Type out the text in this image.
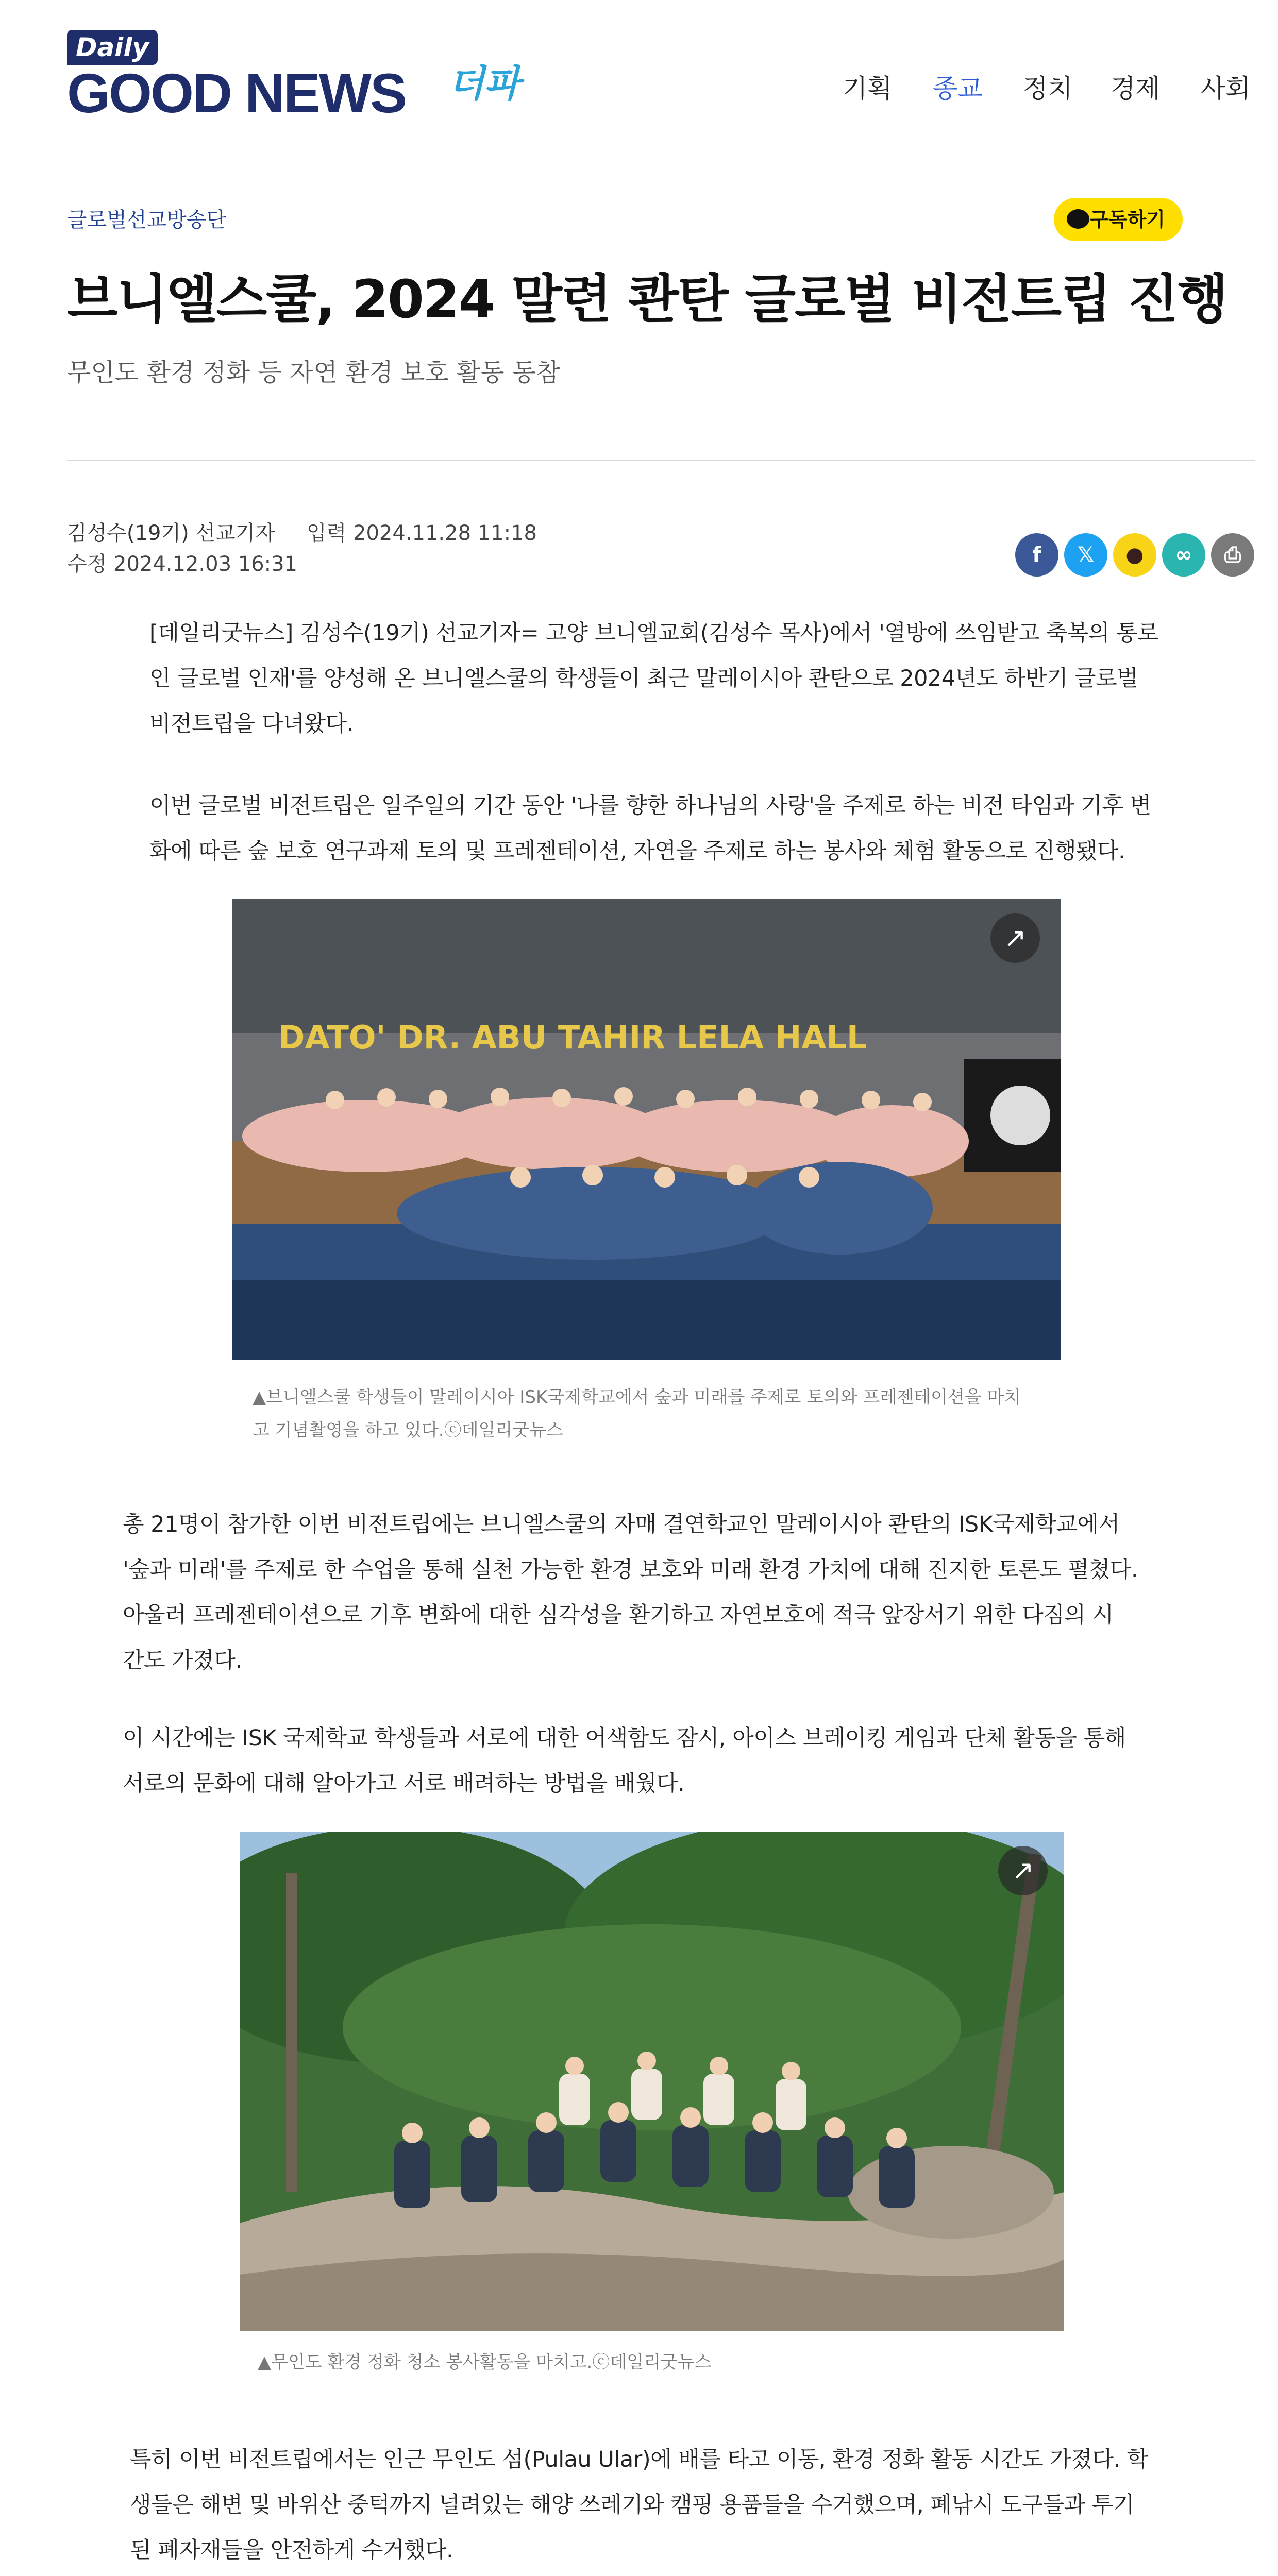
Daily
GOOD NEWS 더파	기획 종교 정치 경제 사회
글로벌선교방송단	구독하기
브니엘스쿨, 2024 말련 콴탄 글로벌 비전트립 진행
무인도 환경 정화 등 자연 환경 보호 활동 동참
김성수(19기) 선교기자 입력 2024.11.28 11:18
수정 2024.12.03 16:31	f	𝕏	●	∞	⎙
[데일리굿뉴스] 김성수(19기) 선교기자= 고양 브니엘교회(김성수 목사)에서 '열방에 쓰임받고 축복의 통로
인 글로벌 인재'를 양성해 온 브니엘스쿨의 학생들이 최근 말레이시아 콴탄으로 2024년도 하반기 글로벌
비전트립을 다녀왔다.
이번 글로벌 비전트립은 일주일의 기간 동안 '나를 향한 하나님의 사랑'을 주제로 하는 비전 타임과 기후 변
화에 따른 숲 보호 연구과제 토의 및 프레젠테이션, 자연을 주제로 하는 봉사와 체험 활동으로 진행됐다.
DATO' DR. ABU TAHIR LELA HALL
↗
▲브니엘스쿨 학생들이 말레이시아 ISK국제학교에서 숲과 미래를 주제로 토의와 프레젠테이션을 마치
고 기념촬영을 하고 있다.ⓒ데일리굿뉴스
총 21명이 참가한 이번 비전트립에는 브니엘스쿨의 자매 결연학교인 말레이시아 콴탄의 ISK국제학교에서
'숲과 미래'를 주제로 한 수업을 통해 실천 가능한 환경 보호와 미래 환경 가치에 대해 진지한 토론도 펼쳤다.
아울러 프레젠테이션으로 기후 변화에 대한 심각성을 환기하고 자연보호에 적극 앞장서기 위한 다짐의 시
간도 가졌다.
이 시간에는 ISK 국제학교 학생들과 서로에 대한 어색함도 잠시, 아이스 브레이킹 게임과 단체 활동을 통해
서로의 문화에 대해 알아가고 서로 배려하는 방법을 배웠다.
↗
▲무인도 환경 정화 청소 봉사활동을 마치고.ⓒ데일리굿뉴스
특히 이번 비전트립에서는 인근 무인도 섬(Pulau Ular)에 배를 타고 이동, 환경 정화 활동 시간도 가졌다. 학
생들은 해변 및 바위산 중턱까지 널려있는 해양 쓰레기와 캠핑 용품들을 수거했으며, 폐낚시 도구들과 투기
된 폐자재들을 안전하게 수거했다.
